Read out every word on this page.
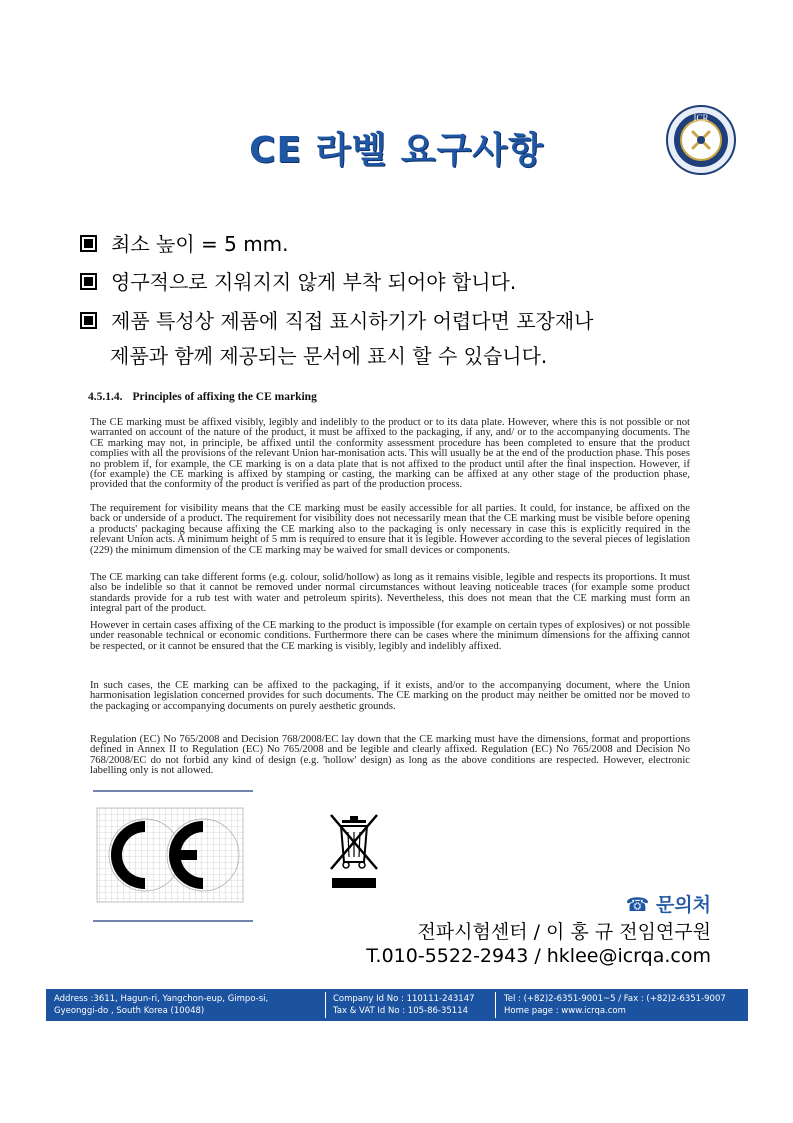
CE 라벨 요구사항
ICR
최소 높이 = 5 mm.
영구적으로 지워지지 않게 부착 되어야 합니다.
제품 특성상 제품에 직접 표시하기가 어렵다면 포장재나
제품과 함께 제공되는 문서에 표시 할 수 있습니다.
4.5.1.4. Principles of affixing the CE marking
The CE marking must be affixed visibly, legibly and indelibly to the product or to its data plate. However, where this is not possible or not warranted on account of the nature of the product, it must be affixed to the packaging, if any, and/ or to the accompanying documents. The CE marking may not, in principle, be affixed until the conformity assessment procedure has been completed to ensure that the product complies with all the provisions of the relevant Union har-monisation acts. This will usually be at the end of the production phase. This poses no problem if, for example, the CE marking is on a data plate that is not affixed to the product until after the final inspection. However, if (for example) the CE marking is affixed by stamping or casting, the marking can be affixed at any other stage of the production phase, provided that the conformity of the product is verified as part of the production process.
The requirement for visibility means that the CE marking must be easily accessible for all parties. It could, for instance, be affixed on the back or underside of a product. The requirement for visibility does not necessarily mean that the CE marking must be visible before opening a products' packaging because affixing the CE marking also to the packaging is only necessary in case this is explicitly required in the relevant Union acts. A minimum height of 5 mm is required to ensure that it is legible. However according to the several pieces of legislation (229) the minimum dimension of the CE marking may be waived for small devices or components.
The CE marking can take different forms (e.g. colour, solid/hollow) as long as it remains visible, legible and respects its proportions. It must also be indelible so that it cannot be removed under normal circumstances without leaving noticeable traces (for example some product standards provide for a rub test with water and petroleum spirits). Nevertheless, this does not mean that the CE marking must form an integral part of the product.
However in certain cases affixing of the CE marking to the product is impossible (for example on certain types of explosives) or not possible under reasonable technical or economic conditions. Furthermore there can be cases where the minimum dimensions for the affixing cannot be respected, or it cannot be ensured that the CE marking is visibly, legibly and indelibly affixed.
In such cases, the CE marking can be affixed to the packaging, if it exists, and/or to the accompanying document, where the Union harmonisation legislation concerned provides for such documents. The CE marking on the product may neither be omitted nor be moved to the packaging or accompanying documents on purely aesthetic grounds.
Regulation (EC) No 765/2008 and Decision 768/2008/EC lay down that the CE marking must have the dimensions, format and proportions defined in Annex II to Regulation (EC) No 765/2008 and be legible and clearly affixed. Regulation (EC) No 765/2008 and Decision No 768/2008/EC do not forbid any kind of design (e.g. 'hollow' design) as long as the above conditions are respected. However, electronic labelling only is not allowed.
☎ 문의처
전파시험센터 / 이 홍 규 전임연구원
T.010-5522-2943 / hklee@icrqa.com
Address :3611, Hagun-ri, Yangchon-eup, Gimpo-si,
Gyeonggi-do , South Korea (10048)
Company Id No : 110111-243147
Tax & VAT Id No : 105-86-35114
Tel : (+82)2-6351-9001~5 / Fax : (+82)2-6351-9007
Home page : www.icrqa.com
